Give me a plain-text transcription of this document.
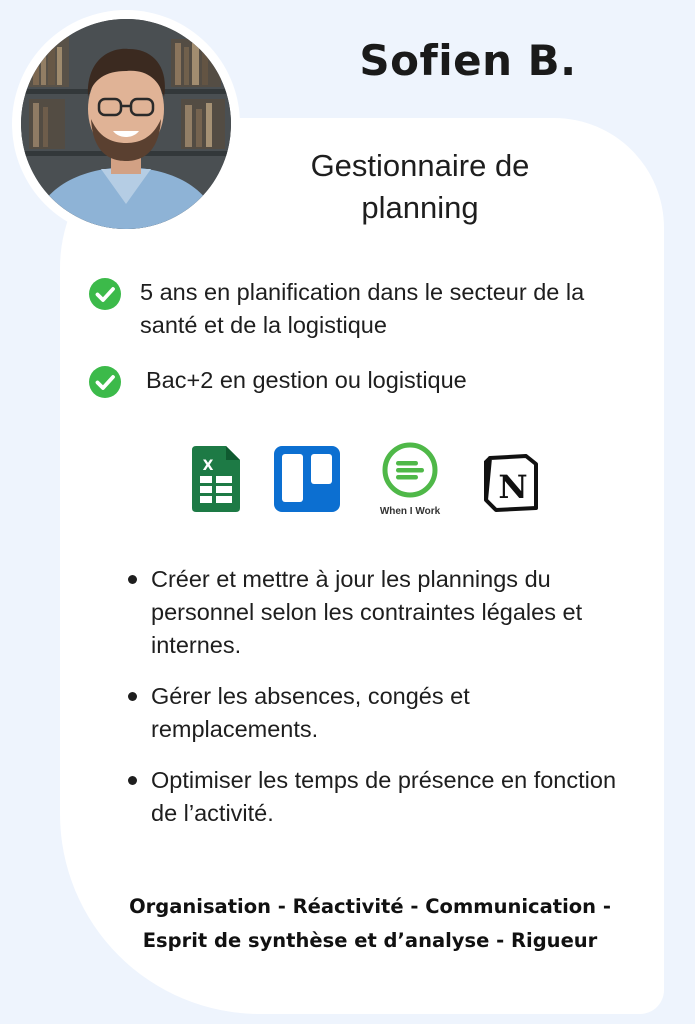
Sofien B.
Gestionnaire de planning
5 ans en planification dans le secteur de la santé et de la logistique
Bac+2 en gestion ou logistique
X
When I Work
N
Créer et mettre à jour les plannings du personnel selon les contraintes légales et internes.
Gérer les absences, congés et remplacements.
Optimiser les temps de présence en fonction de l’activité.
Organisation - Réactivité - Communication -
Esprit de synthèse et d’analyse - Rigueur
